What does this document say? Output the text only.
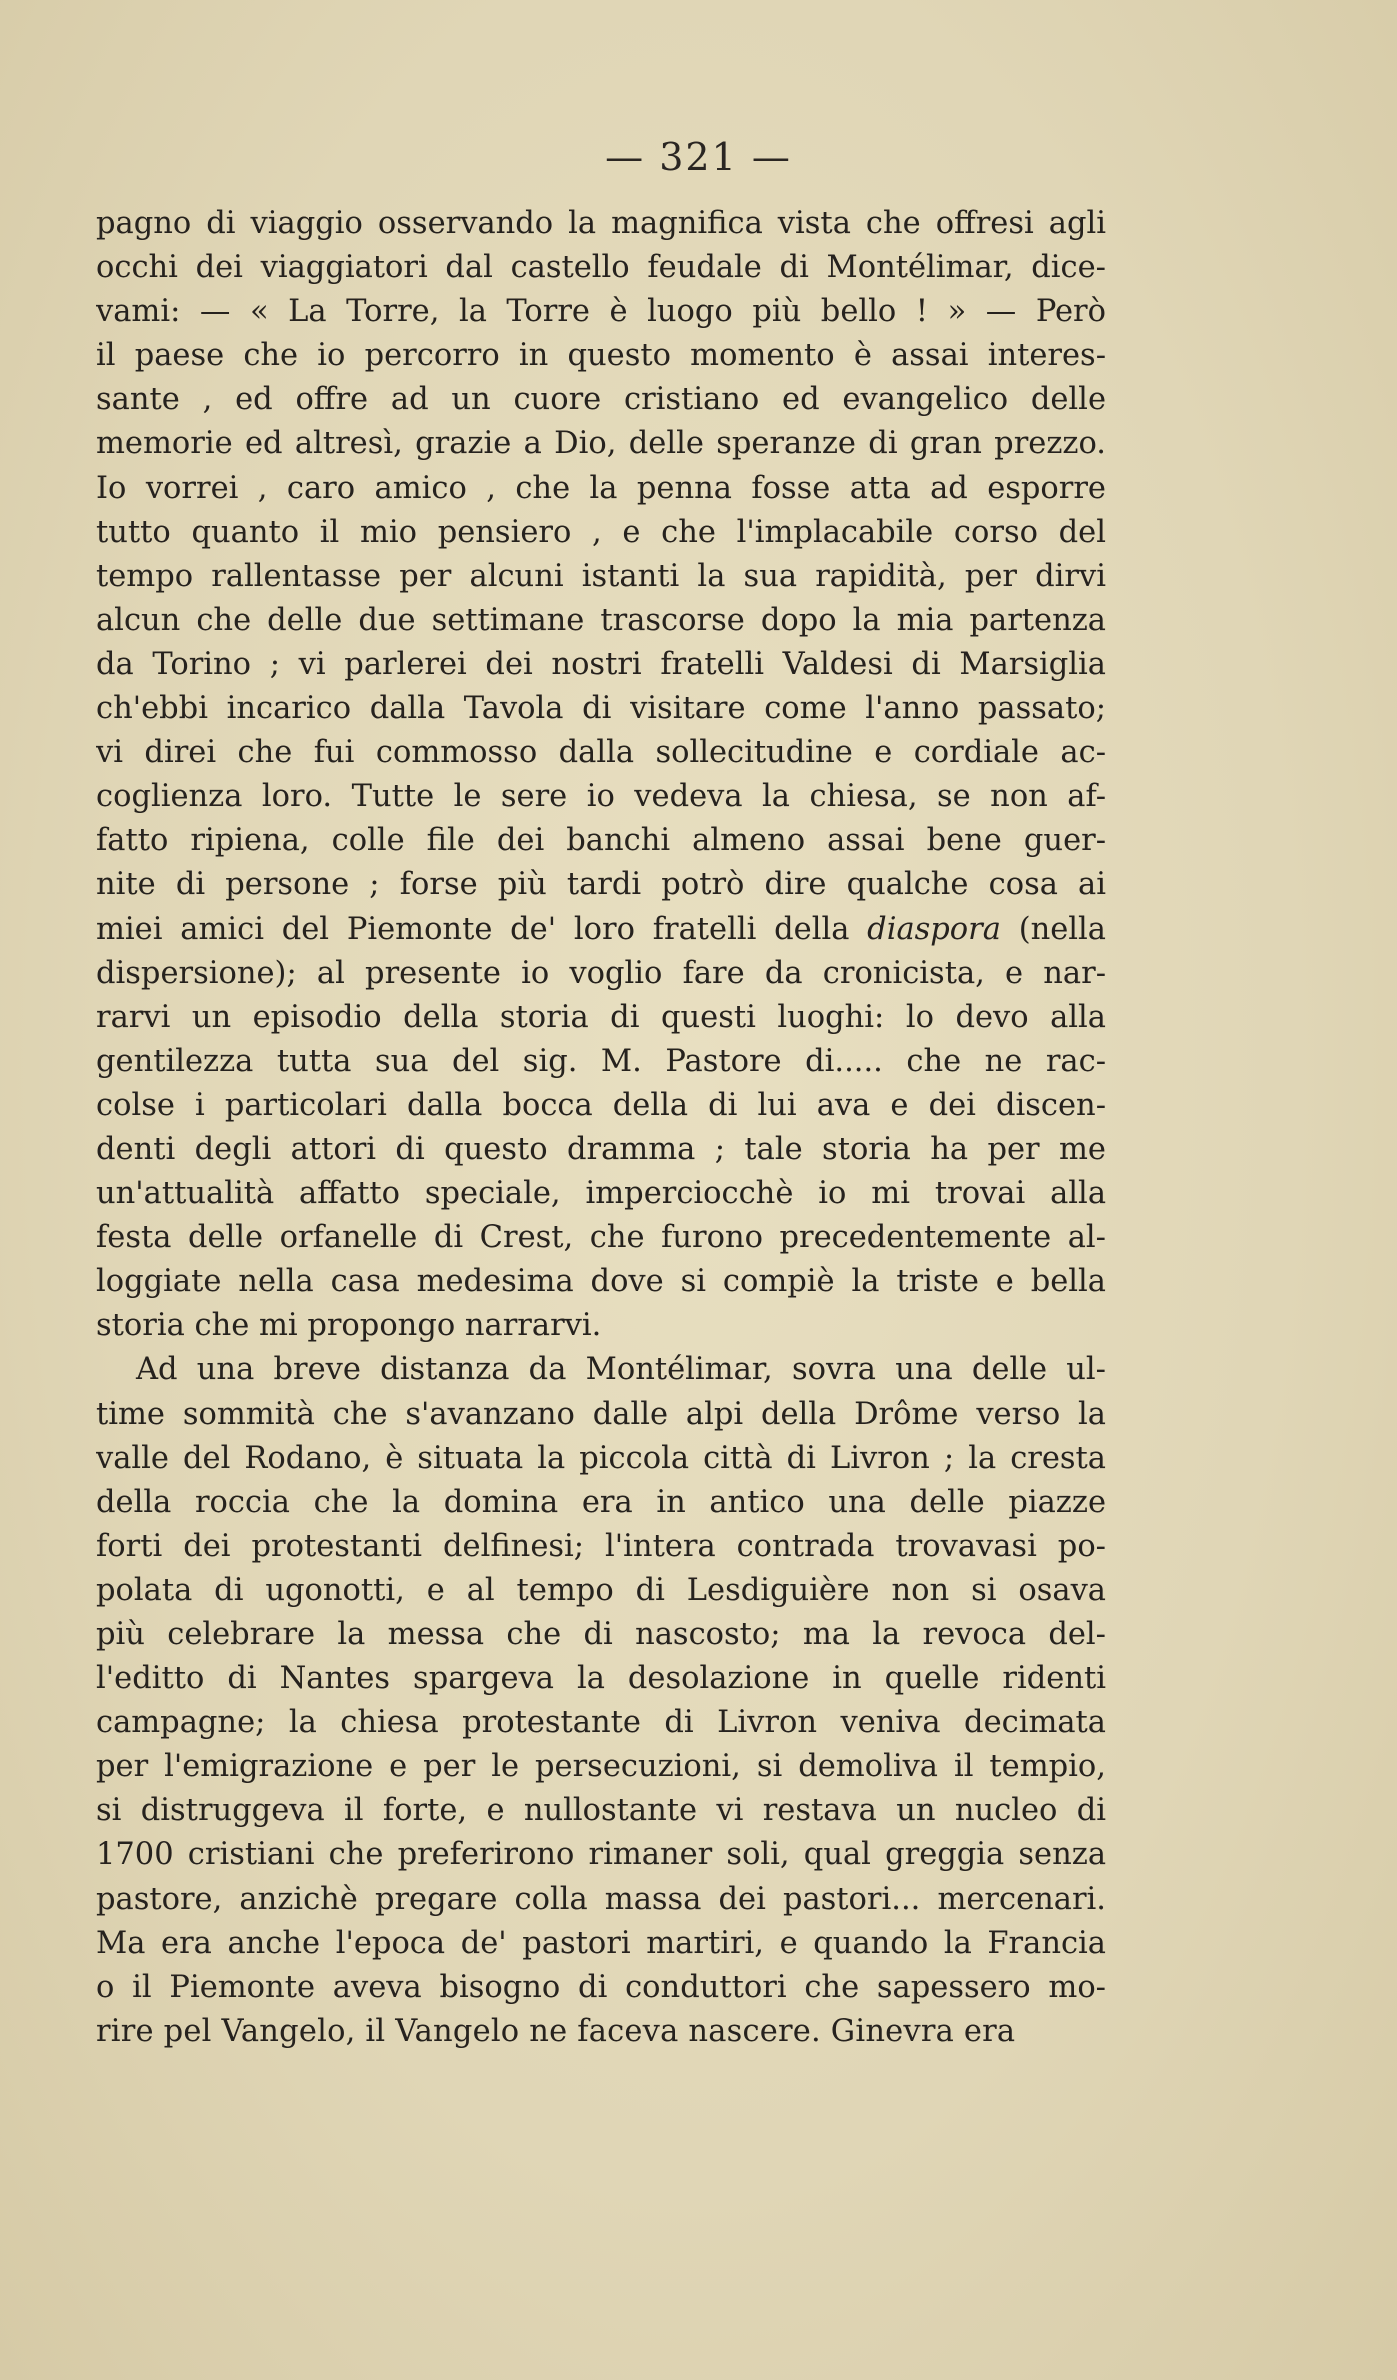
— 321 —
pagno di viaggio osservando la magnifica vista che offresi agli
occhi dei viaggiatori dal castello feudale di Montélimar, dice-
vami: — « La Torre, la Torre è luogo più bello ! » — Però
il paese che io percorro in questo momento è assai interes-
sante , ed offre ad un cuore cristiano ed evangelico delle
memorie ed altresì, grazie a Dio, delle speranze di gran prezzo.
Io vorrei , caro amico , che la penna fosse atta ad esporre
tutto quanto il mio pensiero , e che l'implacabile corso del
tempo rallentasse per alcuni istanti la sua rapidità, per dirvi
alcun che delle due settimane trascorse dopo la mia partenza
da Torino ; vi parlerei dei nostri fratelli Valdesi di Marsiglia
ch'ebbi incarico dalla Tavola di visitare come l'anno passato;
vi direi che fui commosso dalla sollecitudine e cordiale ac-
coglienza loro. Tutte le sere io vedeva la chiesa, se non af-
fatto ripiena, colle file dei banchi almeno assai bene guer-
nite di persone ; forse più tardi potrò dire qualche cosa ai
miei amici del Piemonte de' loro fratelli della diaspora (nella
dispersione); al presente io voglio fare da cronicista, e nar-
rarvi un episodio della storia di questi luoghi: lo devo alla
gentilezza tutta sua del sig. M. Pastore di..... che ne rac-
colse i particolari dalla bocca della di lui ava e dei discen-
denti degli attori di questo dramma ; tale storia ha per me
un'attualità affatto speciale, imperciocchè io mi trovai alla
festa delle orfanelle di Crest, che furono precedentemente al-
loggiate nella casa medesima dove si compiè la triste e bella
storia che mi propongo narrarvi.
Ad una breve distanza da Montélimar, sovra una delle ul-
time sommità che s'avanzano dalle alpi della Drôme verso la
valle del Rodano, è situata la piccola città di Livron ; la cresta
della roccia che la domina era in antico una delle piazze
forti dei protestanti delfinesi; l'intera contrada trovavasi po-
polata di ugonotti, e al tempo di Lesdiguière non si osava
più celebrare la messa che di nascosto; ma la revoca del-
l'editto di Nantes spargeva la desolazione in quelle ridenti
campagne; la chiesa protestante di Livron veniva decimata
per l'emigrazione e per le persecuzioni, si demoliva il tempio,
si distruggeva il forte, e nullostante vi restava un nucleo di
1700 cristiani che preferirono rimaner soli, qual greggia senza
pastore, anzichè pregare colla massa dei pastori... mercenari.
Ma era anche l'epoca de' pastori martiri, e quando la Francia
o il Piemonte aveva bisogno di conduttori che sapessero mo-
rire pel Vangelo, il Vangelo ne faceva nascere. Ginevra era
